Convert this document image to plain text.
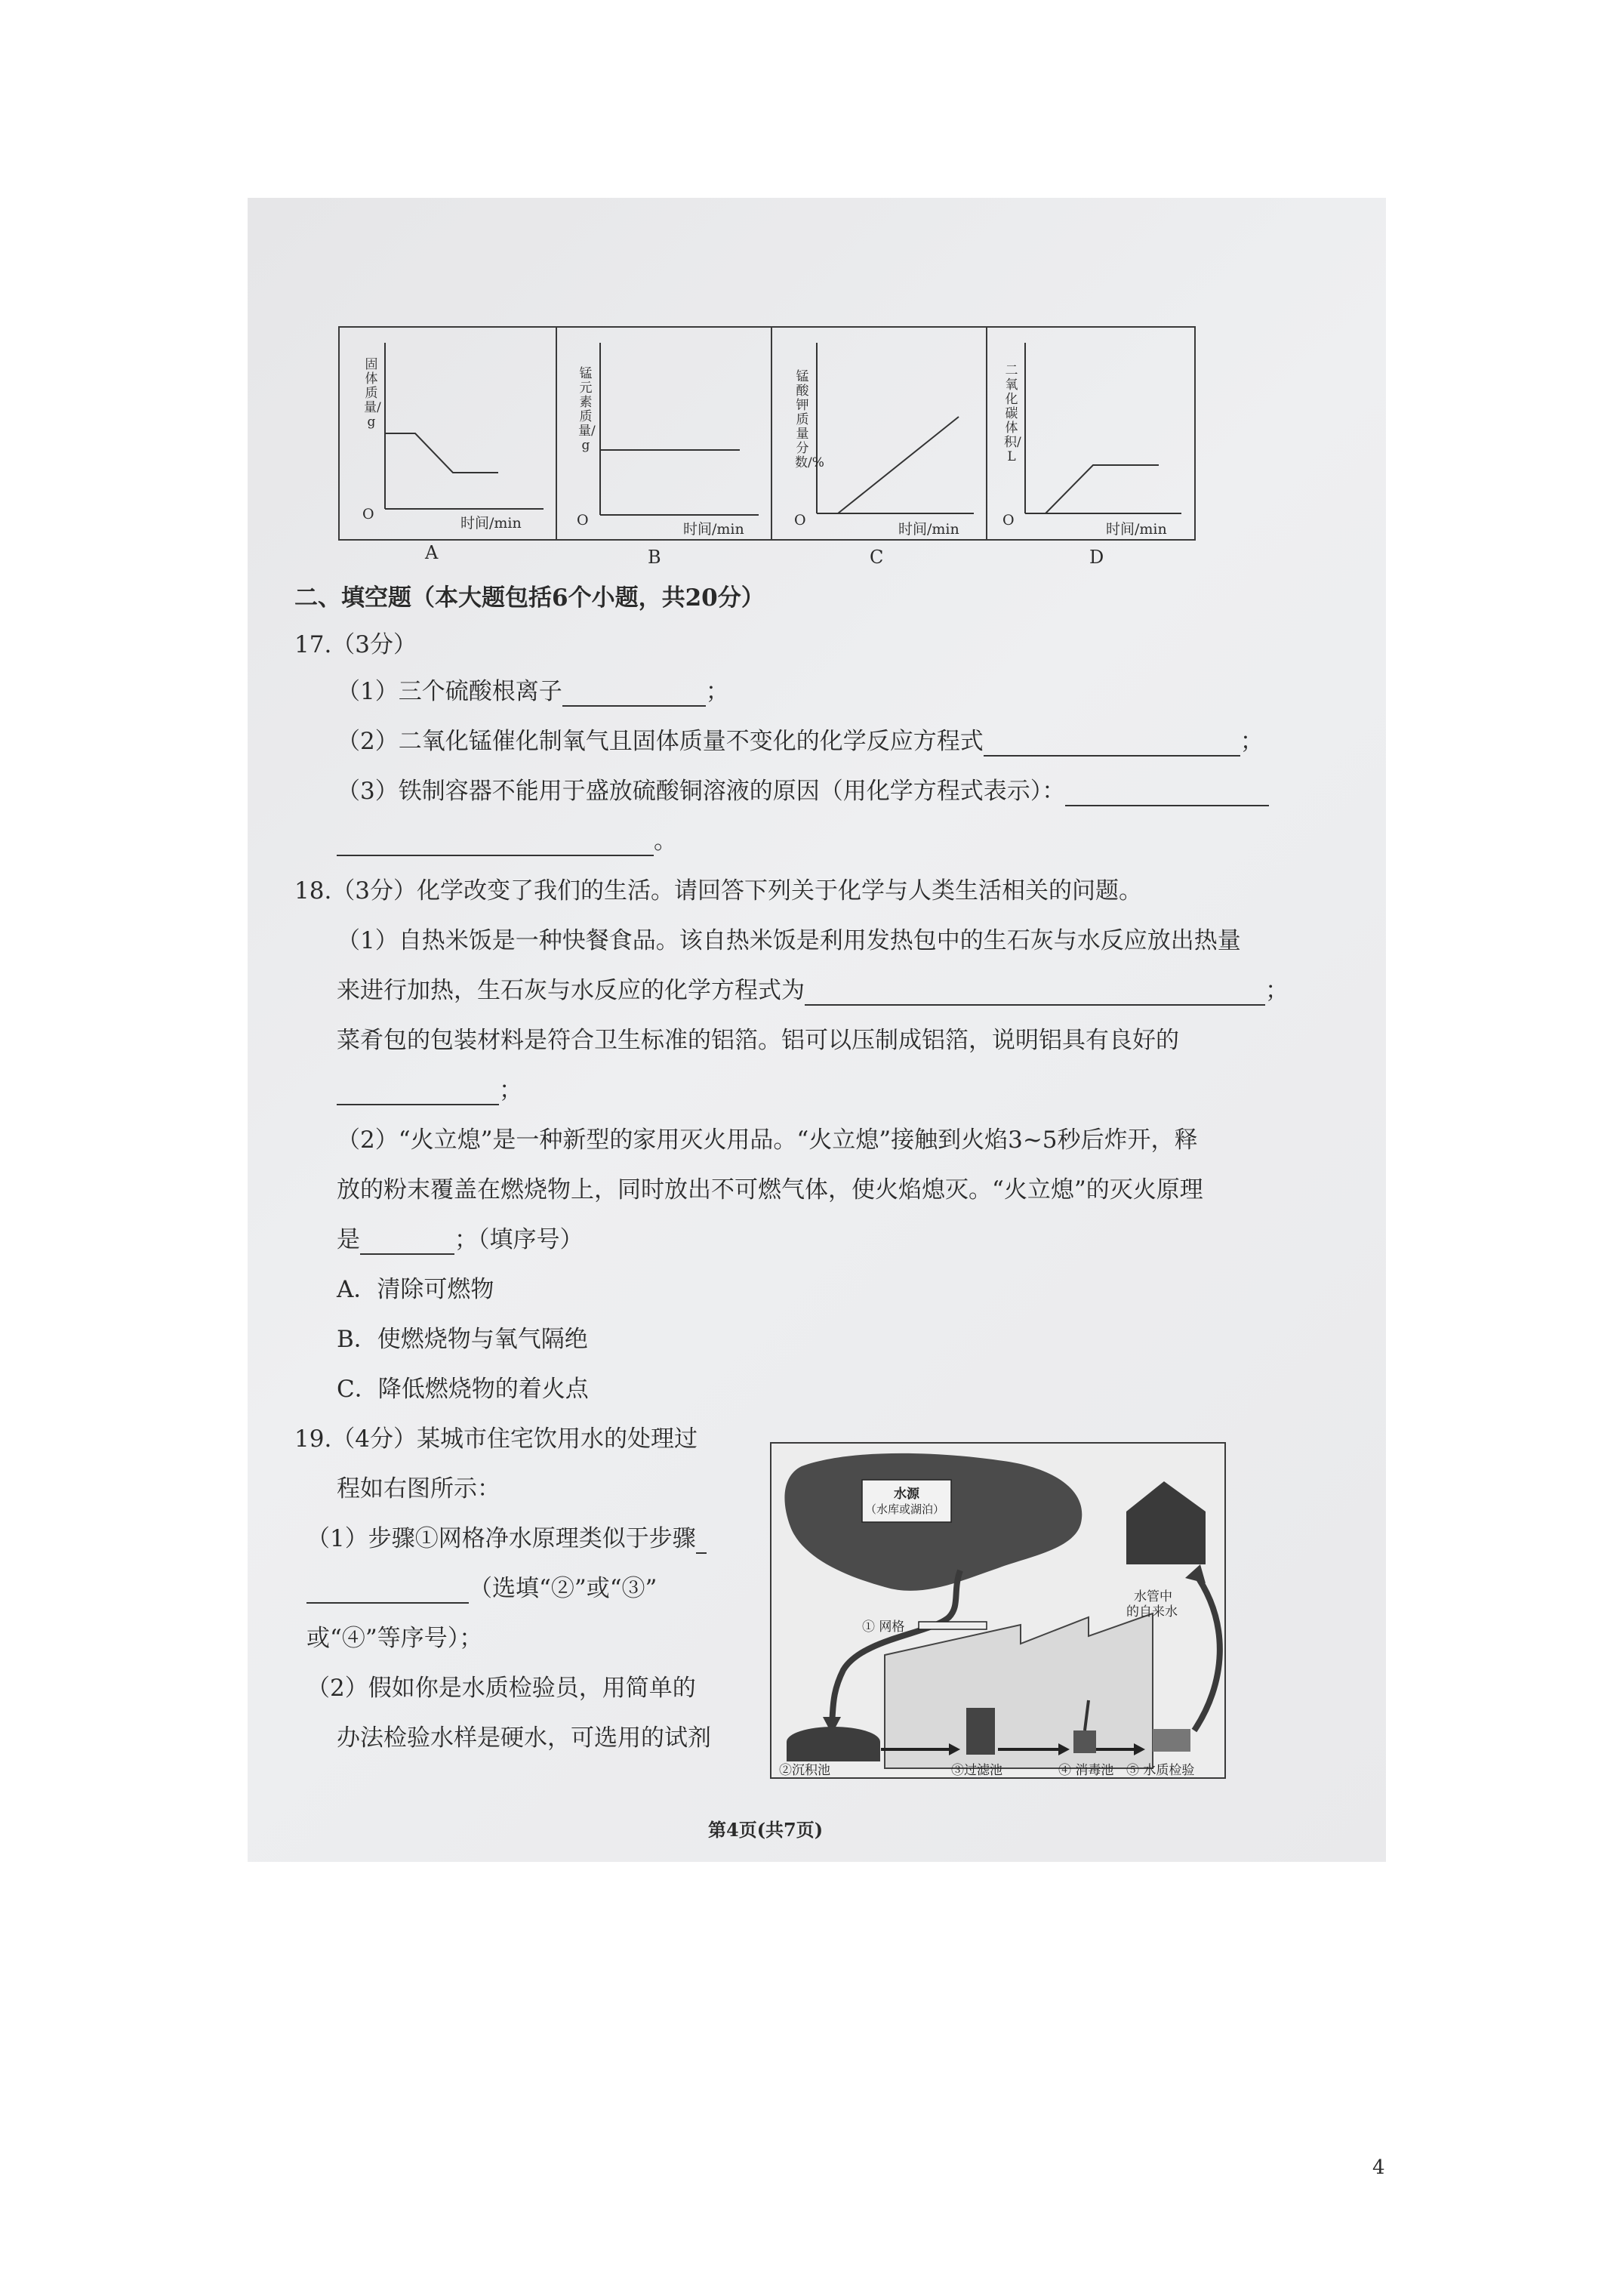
固体质量/g
O
时间/min
锰元素质量/g
O
时间/min
锰酸钾质量分数/%
O
时间/min
二氧化碳体积/L
O
时间/min
A	B	C	D
二、填空题（本大题包括6个小题，共20分）
17.（3分）
（1）三个硫酸根离子	；
（2）二氧化锰催化制氧气且固体质量不变化的化学反应方程式	；
（3）铁制容器不能用于盛放硫酸铜溶液的原因（用化学方程式表示）：
。
18.（3分）化学改变了我们的生活。请回答下列关于化学与人类生活相关的问题。
（1）自热米饭是一种快餐食品。该自热米饭是利用发热包中的生石灰与水反应放出热量
来进行加热，生石灰与水反应的化学方程式为	；
菜肴包的包装材料是符合卫生标准的铝箔。铝可以压制成铝箔，说明铝具有良好的
；
（2）“火立熄”是一种新型的家用灭火用品。“火立熄”接触到火焰3~5秒后炸开，释
放的粉末覆盖在燃烧物上，同时放出不可燃气体，使火焰熄灭。“火立熄”的灭火原理
是	；（填序号）
A．清除可燃物
B．使燃烧物与氧气隔绝
C．降低燃烧物的着火点
19.（4分）某城市住宅饮用水的处理过
程如右图所示：
（1）步骤①网格净水原理类似于步骤
（选填“②”或“③”
或“④”等序号）；
（2）假如你是水质检验员，用简单的
办法检验水样是硬水，可选用的试剂
水源
（水库或湖泊）
① 网格
水管中
的自来水
②沉积池	③过滤池	④ 消毒池 ⑤ 水质检验
第4页(共7页)
4
